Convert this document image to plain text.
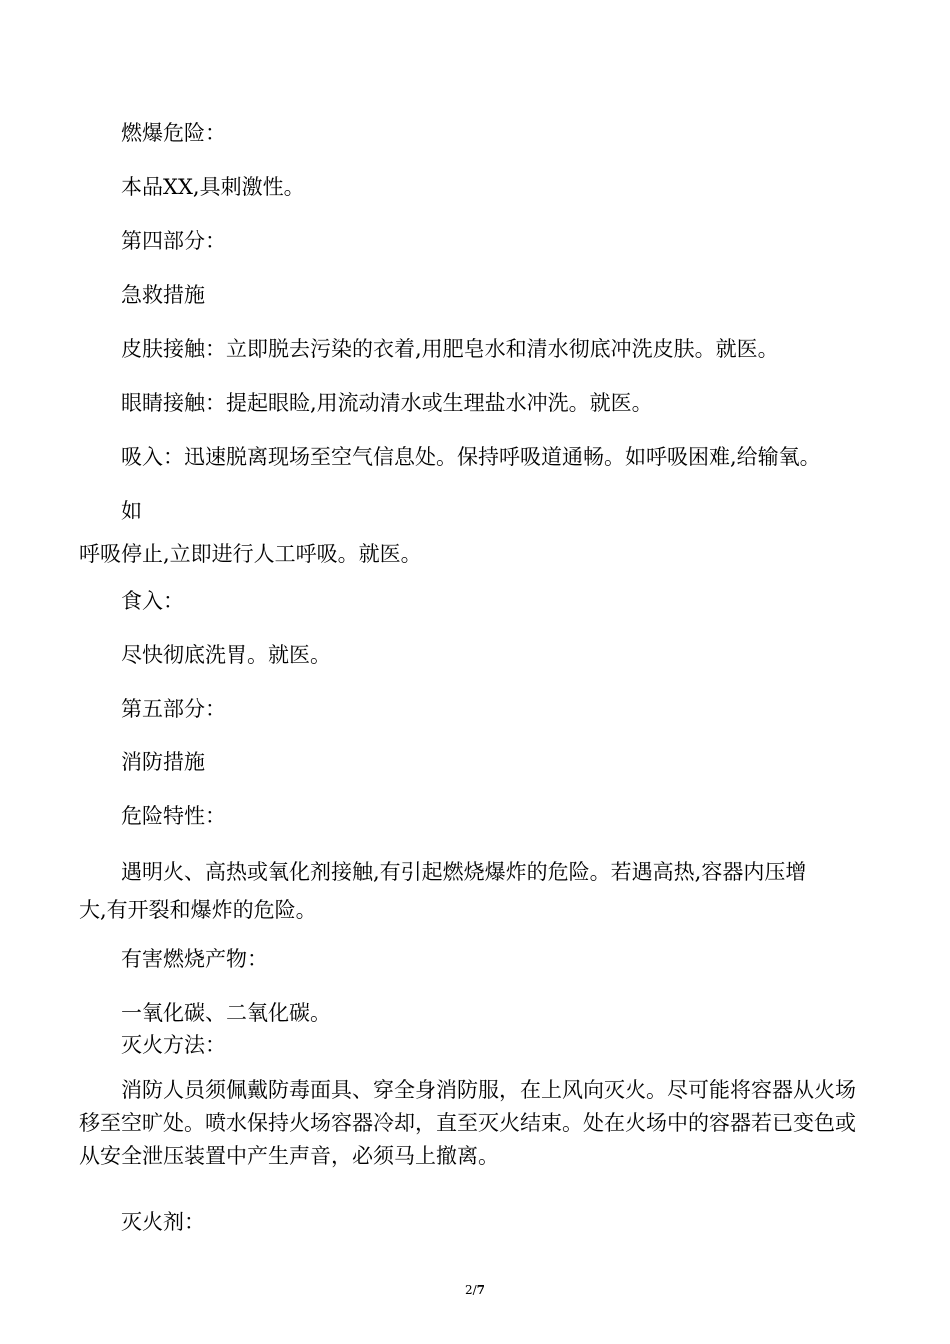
燃爆危险：

本品XX,具刺激性。

第四部分：

急救措施

皮肤接触：立即脱去污染的衣着,用肥皂水和清水彻底冲洗皮肤。就医。

眼睛接触：提起眼睑,用流动清水或生理盐水冲洗。就医。

吸入：迅速脱离现场至空气信息处。保持呼吸道通畅。如呼吸困难,给输氧。

如

呼吸停止,立即进行人工呼吸。就医。

食入：

尽快彻底洗胃。就医。

第五部分：

消防措施

危险特性：

遇明火、高热或氧化剂接触,有引起燃烧爆炸的危险。若遇高热,容器内压增

大,有开裂和爆炸的危险。

有害燃烧产物：

一氧化碳、二氧化碳。

灭火方法：

消防人员须佩戴防毒面具、穿全身消防服，在上风向灭火。尽可能将容器从火场移至空旷处。喷水保持火场容器冷却，直至灭火结束。处在火场中的容器若已变色或从安全泄压装置中产生声音，必须马上撤离。

灭火剂：

2/7
